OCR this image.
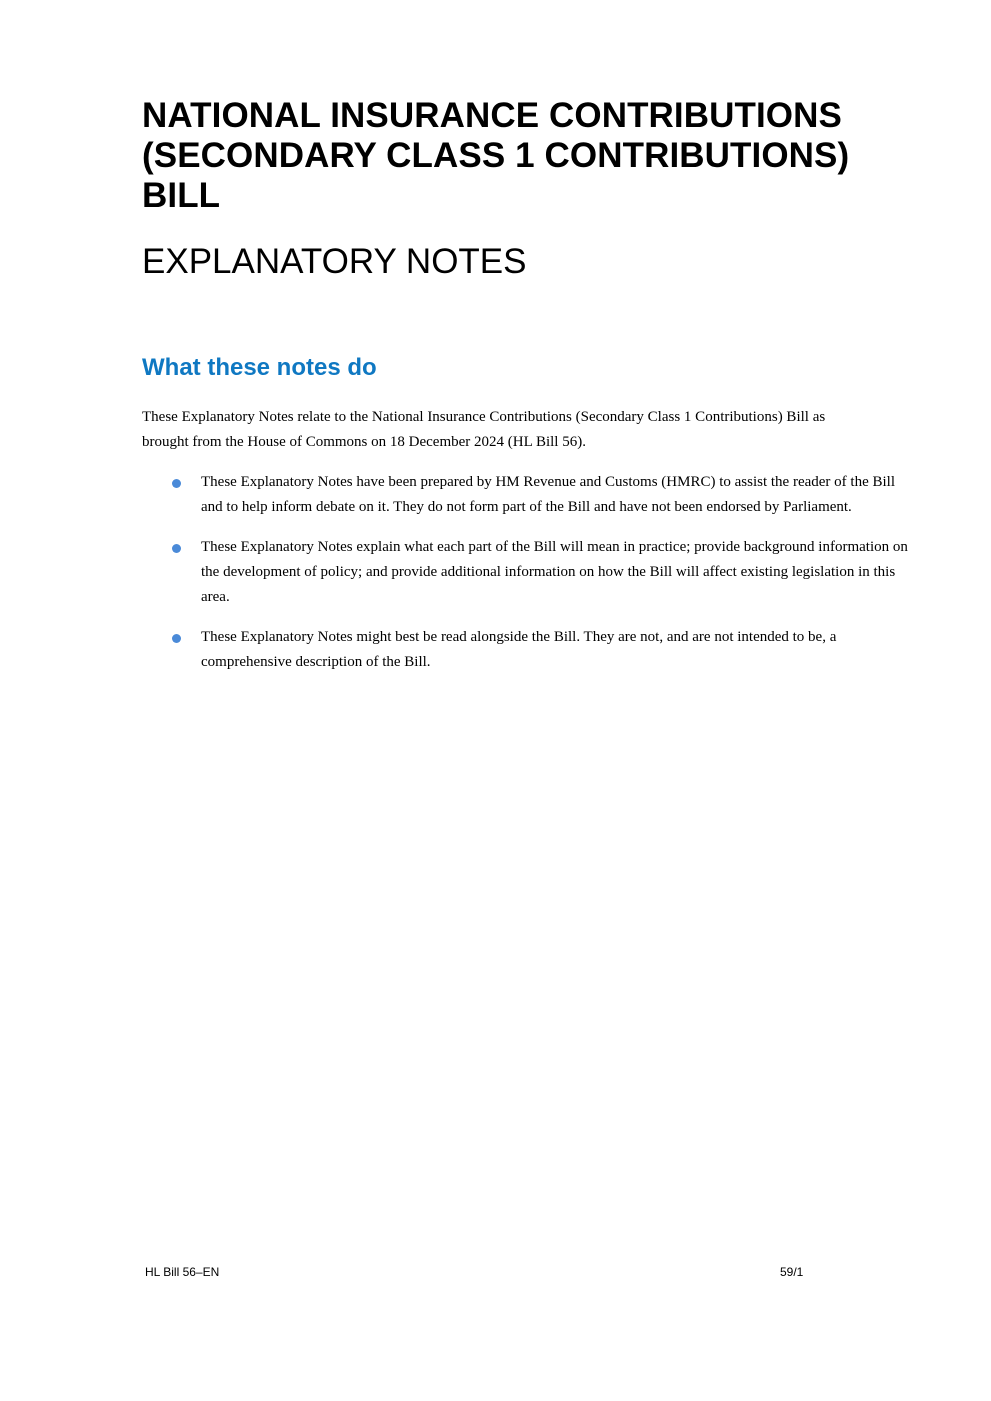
NATIONAL INSURANCE CONTRIBUTIONS
(SECONDARY CLASS 1 CONTRIBUTIONS)
BILL
EXPLANATORY NOTES
What these notes do

These Explanatory Notes relate to the National Insurance Contributions (Secondary Class 1 Contributions) Bill as brought from the House of Commons on 18 December 2024 (HL Bill 56).

These Explanatory Notes have been prepared by HM Revenue and Customs (HMRC) to assist the reader of the Bill and to help inform debate on it. They do not form part of the Bill and have not been endorsed by Parliament.
These Explanatory Notes explain what each part of the Bill will mean in practice; provide background information on the development of policy; and provide additional information on how the Bill will affect existing legislation in this area.
These Explanatory Notes might best be read alongside the Bill. They are not, and are not intended to be, a comprehensive description of the Bill.
HL Bill 56–EN	59/1
